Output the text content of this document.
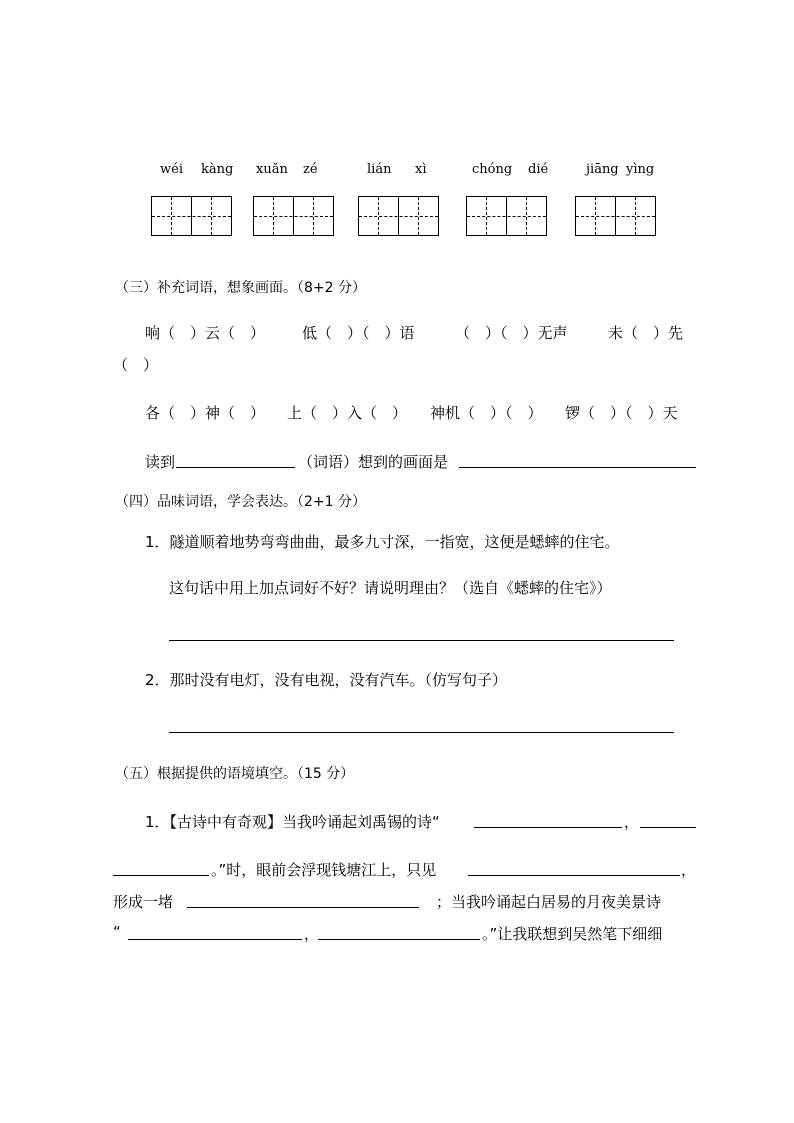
wéi kàng xuǎn zé	lián xì	chóng dié	jiāng yìng
（三）补充词语，想象画面。（8+2 分）
响（　）云（　） 低（　）（　）语	（　）（　）无声	未（　）先
（　）
各（　）神（　） 上（　）入（　） 神机（　）（　） 锣（　）（　）天
读到	（词语）想到的画面是
（四）品味词语，学会表达。（2+1 分）
1．隧道顺着地势弯弯曲曲，最多九寸深，一指宽，这便是蟋蟀的住宅。
这句话中用上加点词好不好？请说明理由？（选自《蟋蟀的住宅》）
2．那时没有电灯，没有电视，没有汽车。（仿写句子）
（五）根据提供的语境填空。（15 分）
1．【古诗中有奇观】当我吟诵起刘禹锡的诗“	，
。”时，眼前会浮现钱塘江上，只见	，
形成一堵	；当我吟诵起白居易的月夜美景诗
“	，	。”让我联想到吴然笔下细细
